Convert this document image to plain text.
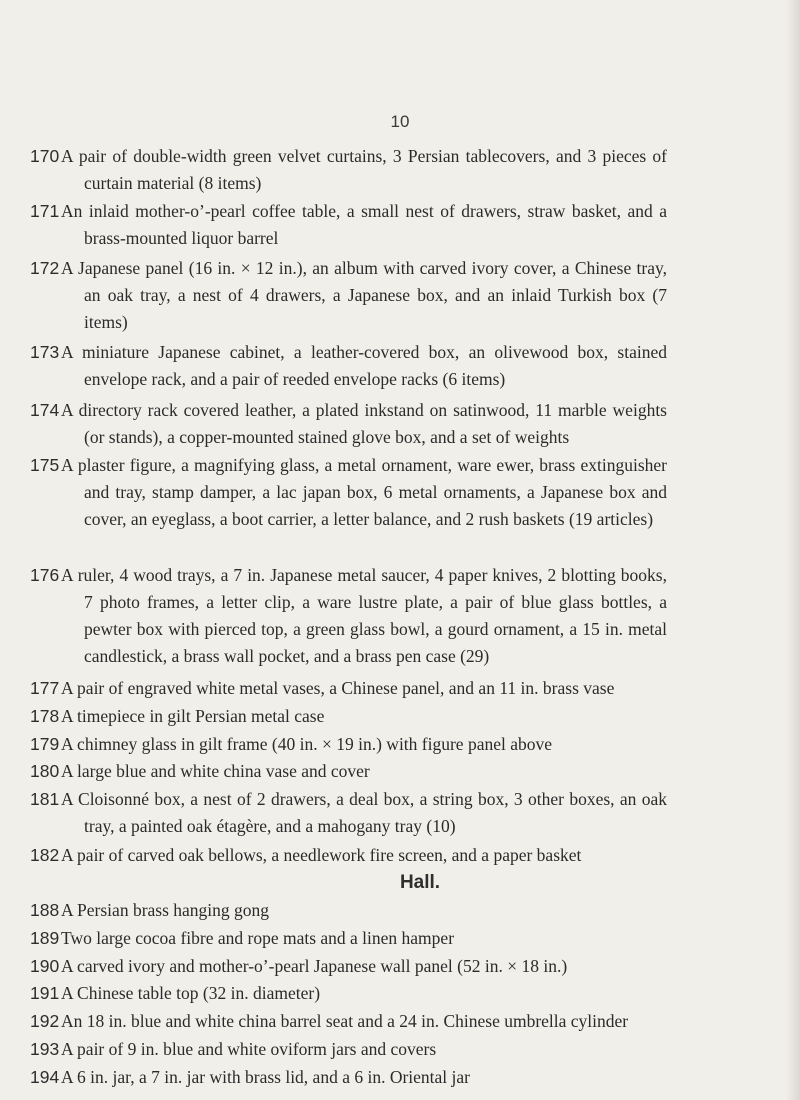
10
170 A pair of double-width green velvet curtains, 3 Persian tablecovers, and 3 pieces of curtain material (8 items)
171 An inlaid mother-o’-pearl coffee table, a small nest of drawers, straw basket, and a brass-mounted liquor barrel
172 A Japanese panel (16 in. × 12 in.), an album with carved ivory cover, a Chinese tray, an oak tray, a nest of 4 drawers, a Japanese box, and an inlaid Turkish box (7 items)
173 A miniature Japanese cabinet, a leather-covered box, an olivewood box, stained envelope rack, and a pair of reeded envelope racks (6 items)
174 A directory rack covered leather, a plated inkstand on satinwood, 11 marble weights (or stands), a copper-mounted stained glove box, and a set of weights
175 A plaster figure, a magnifying glass, a metal ornament, ware ewer, brass extinguisher and tray, stamp damper, a lac japan box, 6 metal ornaments, a Japanese box and cover, an eyeglass, a boot carrier, a letter balance, and 2 rush baskets (19 articles)
176 A ruler, 4 wood trays, a 7 in. Japanese metal saucer, 4 paper knives, 2 blotting books, 7 photo frames, a letter clip, a ware lustre plate, a pair of blue glass bottles, a pewter box with pierced top, a green glass bowl, a gourd ornament, a 15 in. metal candlestick, a brass wall pocket, and a brass pen case (29)
177 A pair of engraved white metal vases, a Chinese panel, and an 11 in. brass vase
178 A timepiece in gilt Persian metal case
179 A chimney glass in gilt frame (40 in. × 19 in.) with figure panel above
180 A large blue and white china vase and cover
181 A Cloisonné box, a nest of 2 drawers, a deal box, a string box, 3 other boxes, an oak tray, a painted oak étagère, and a mahogany tray (10)
182 A pair of carved oak bellows, a needlework fire screen, and a paper basket
Hall.
188 A Persian brass hanging gong
189 Two large cocoa fibre and rope mats and a linen hamper
190 A carved ivory and mother-o’-pearl Japanese wall panel (52 in. × 18 in.)
191 A Chinese table top (32 in. diameter)
192 An 18 in. blue and white china barrel seat and a 24 in. Chinese umbrella cylinder
193 A pair of 9 in. blue and white oviform jars and covers
194 A 6 in. jar, a 7 in. jar with brass lid, and a 6 in. Oriental jar
